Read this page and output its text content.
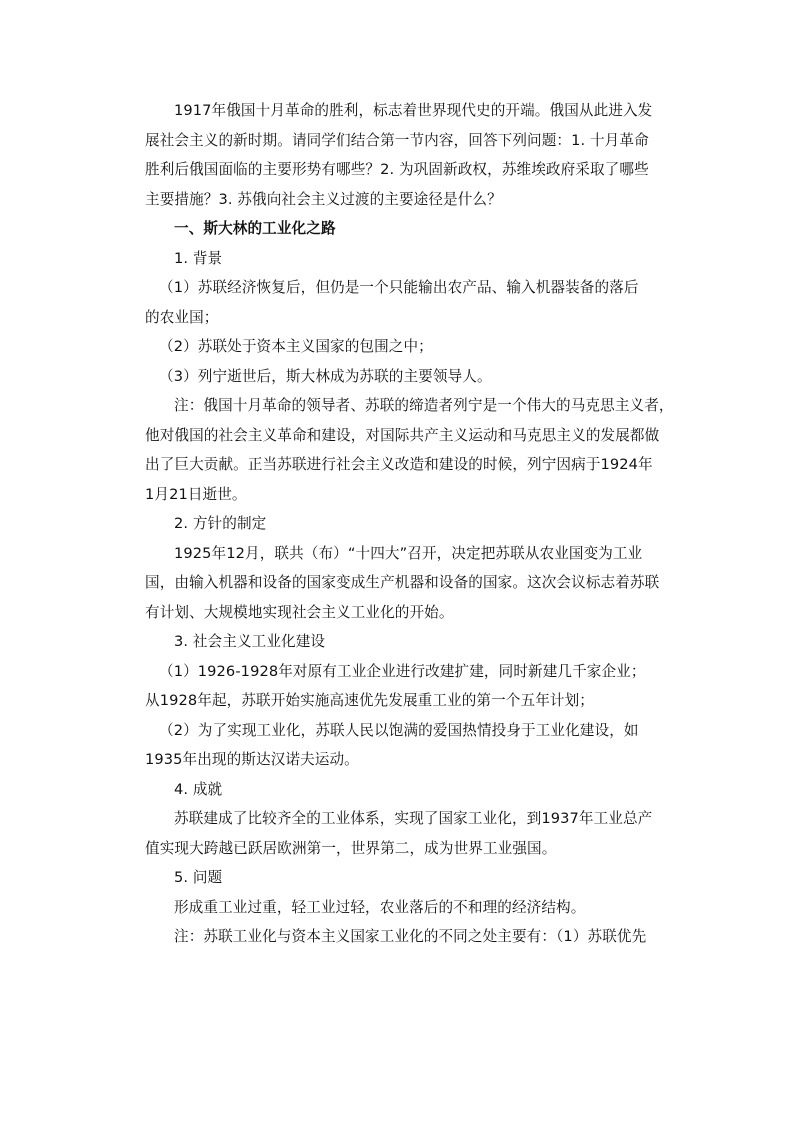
1917年俄国十月革命的胜利，标志着世界现代史的开端。俄国从此进入发
展社会主义的新时期。请同学们结合第一节内容，回答下列问题：1. 十月革命
胜利后俄国面临的主要形势有哪些？2. 为巩固新政权，苏维埃政府采取了哪些
主要措施？3. 苏俄向社会主义过渡的主要途径是什么？
一、斯大林的工业化之路
1. 背景
（1）苏联经济恢复后，但仍是一个只能输出农产品、输入机器装备的落后
的农业国；
（2）苏联处于资本主义国家的包围之中；
（3）列宁逝世后，斯大林成为苏联的主要领导人。
注：俄国十月革命的领导者、苏联的缔造者列宁是一个伟大的马克思主义者，
他对俄国的社会主义革命和建设，对国际共产主义运动和马克思主义的发展都做
出了巨大贡献。正当苏联进行社会主义改造和建设的时候，列宁因病于1924年
1月21日逝世。
2. 方针的制定
1925年12月，联共（布）“十四大”召开，决定把苏联从农业国变为工业
国，由输入机器和设备的国家变成生产机器和设备的国家。这次会议标志着苏联
有计划、大规模地实现社会主义工业化的开始。
3. 社会主义工业化建设
（1）1926-1928年对原有工业企业进行改建扩建，同时新建几千家企业；
从1928年起，苏联开始实施高速优先发展重工业的第一个五年计划；
（2）为了实现工业化，苏联人民以饱满的爱国热情投身于工业化建设，如
1935年出现的斯达汉诺夫运动。
4. 成就
苏联建成了比较齐全的工业体系，实现了国家工业化，到1937年工业总产
值实现大跨越已跃居欧洲第一，世界第二，成为世界工业强国。
5. 问题
形成重工业过重，轻工业过轻，农业落后的不和理的经济结构。
注：苏联工业化与资本主义国家工业化的不同之处主要有：（1）苏联优先
